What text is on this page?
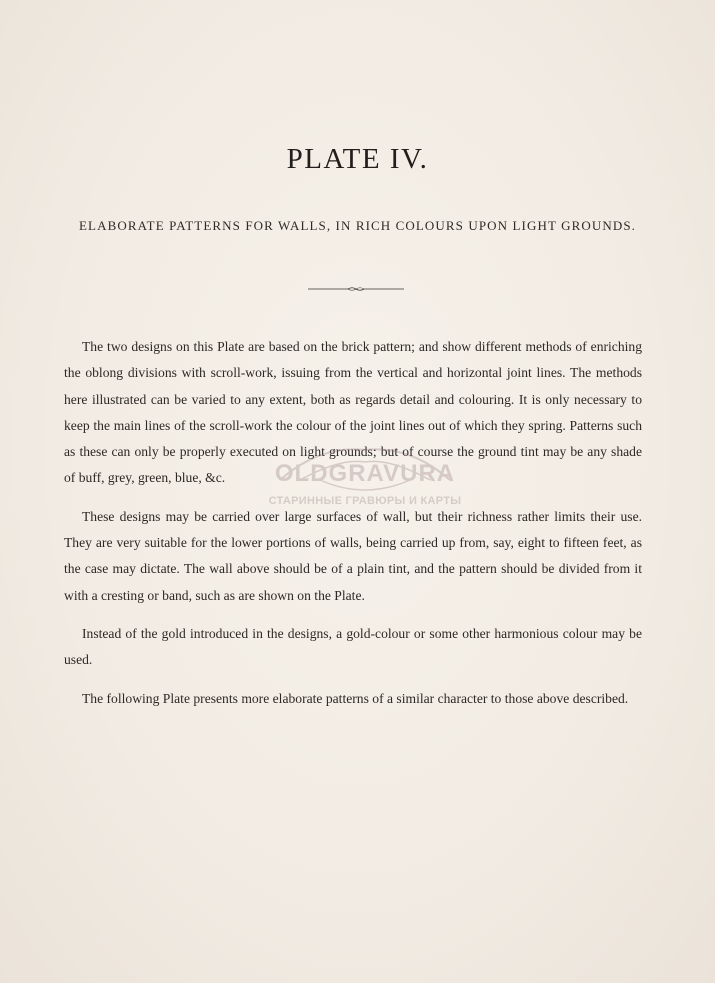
PLATE IV.
ELABORATE PATTERNS FOR WALLS, IN RICH COLOURS UPON LIGHT GROUNDS.

The two designs on this Plate are based on the brick pattern; and show different methods of enriching the oblong divisions with scroll-work, issuing from the vertical and horizontal joint lines. The methods here illustrated can be varied to any extent, both as regards detail and colouring. It is only necessary to keep the main lines of the scroll-work the colour of the joint lines out of which they spring. Patterns such as these can only be properly executed on light grounds; but of course the ground tint may be any shade of buff, grey, green, blue, &c.

These designs may be carried over large surfaces of wall, but their richness rather limits their use. They are very suitable for the lower portions of walls, being carried up from, say, eight to fifteen feet, as the case may dictate. The wall above should be of a plain tint, and the pattern should be divided from it with a cresting or band, such as are shown on the Plate.

Instead of the gold introduced in the designs, a gold-colour or some other harmonious colour may be used.

The following Plate presents more elaborate patterns of a similar character to those above described.

OLDGRAVURA
СТАРИННЫЕ ГРАВЮРЫ И КАРТЫ
